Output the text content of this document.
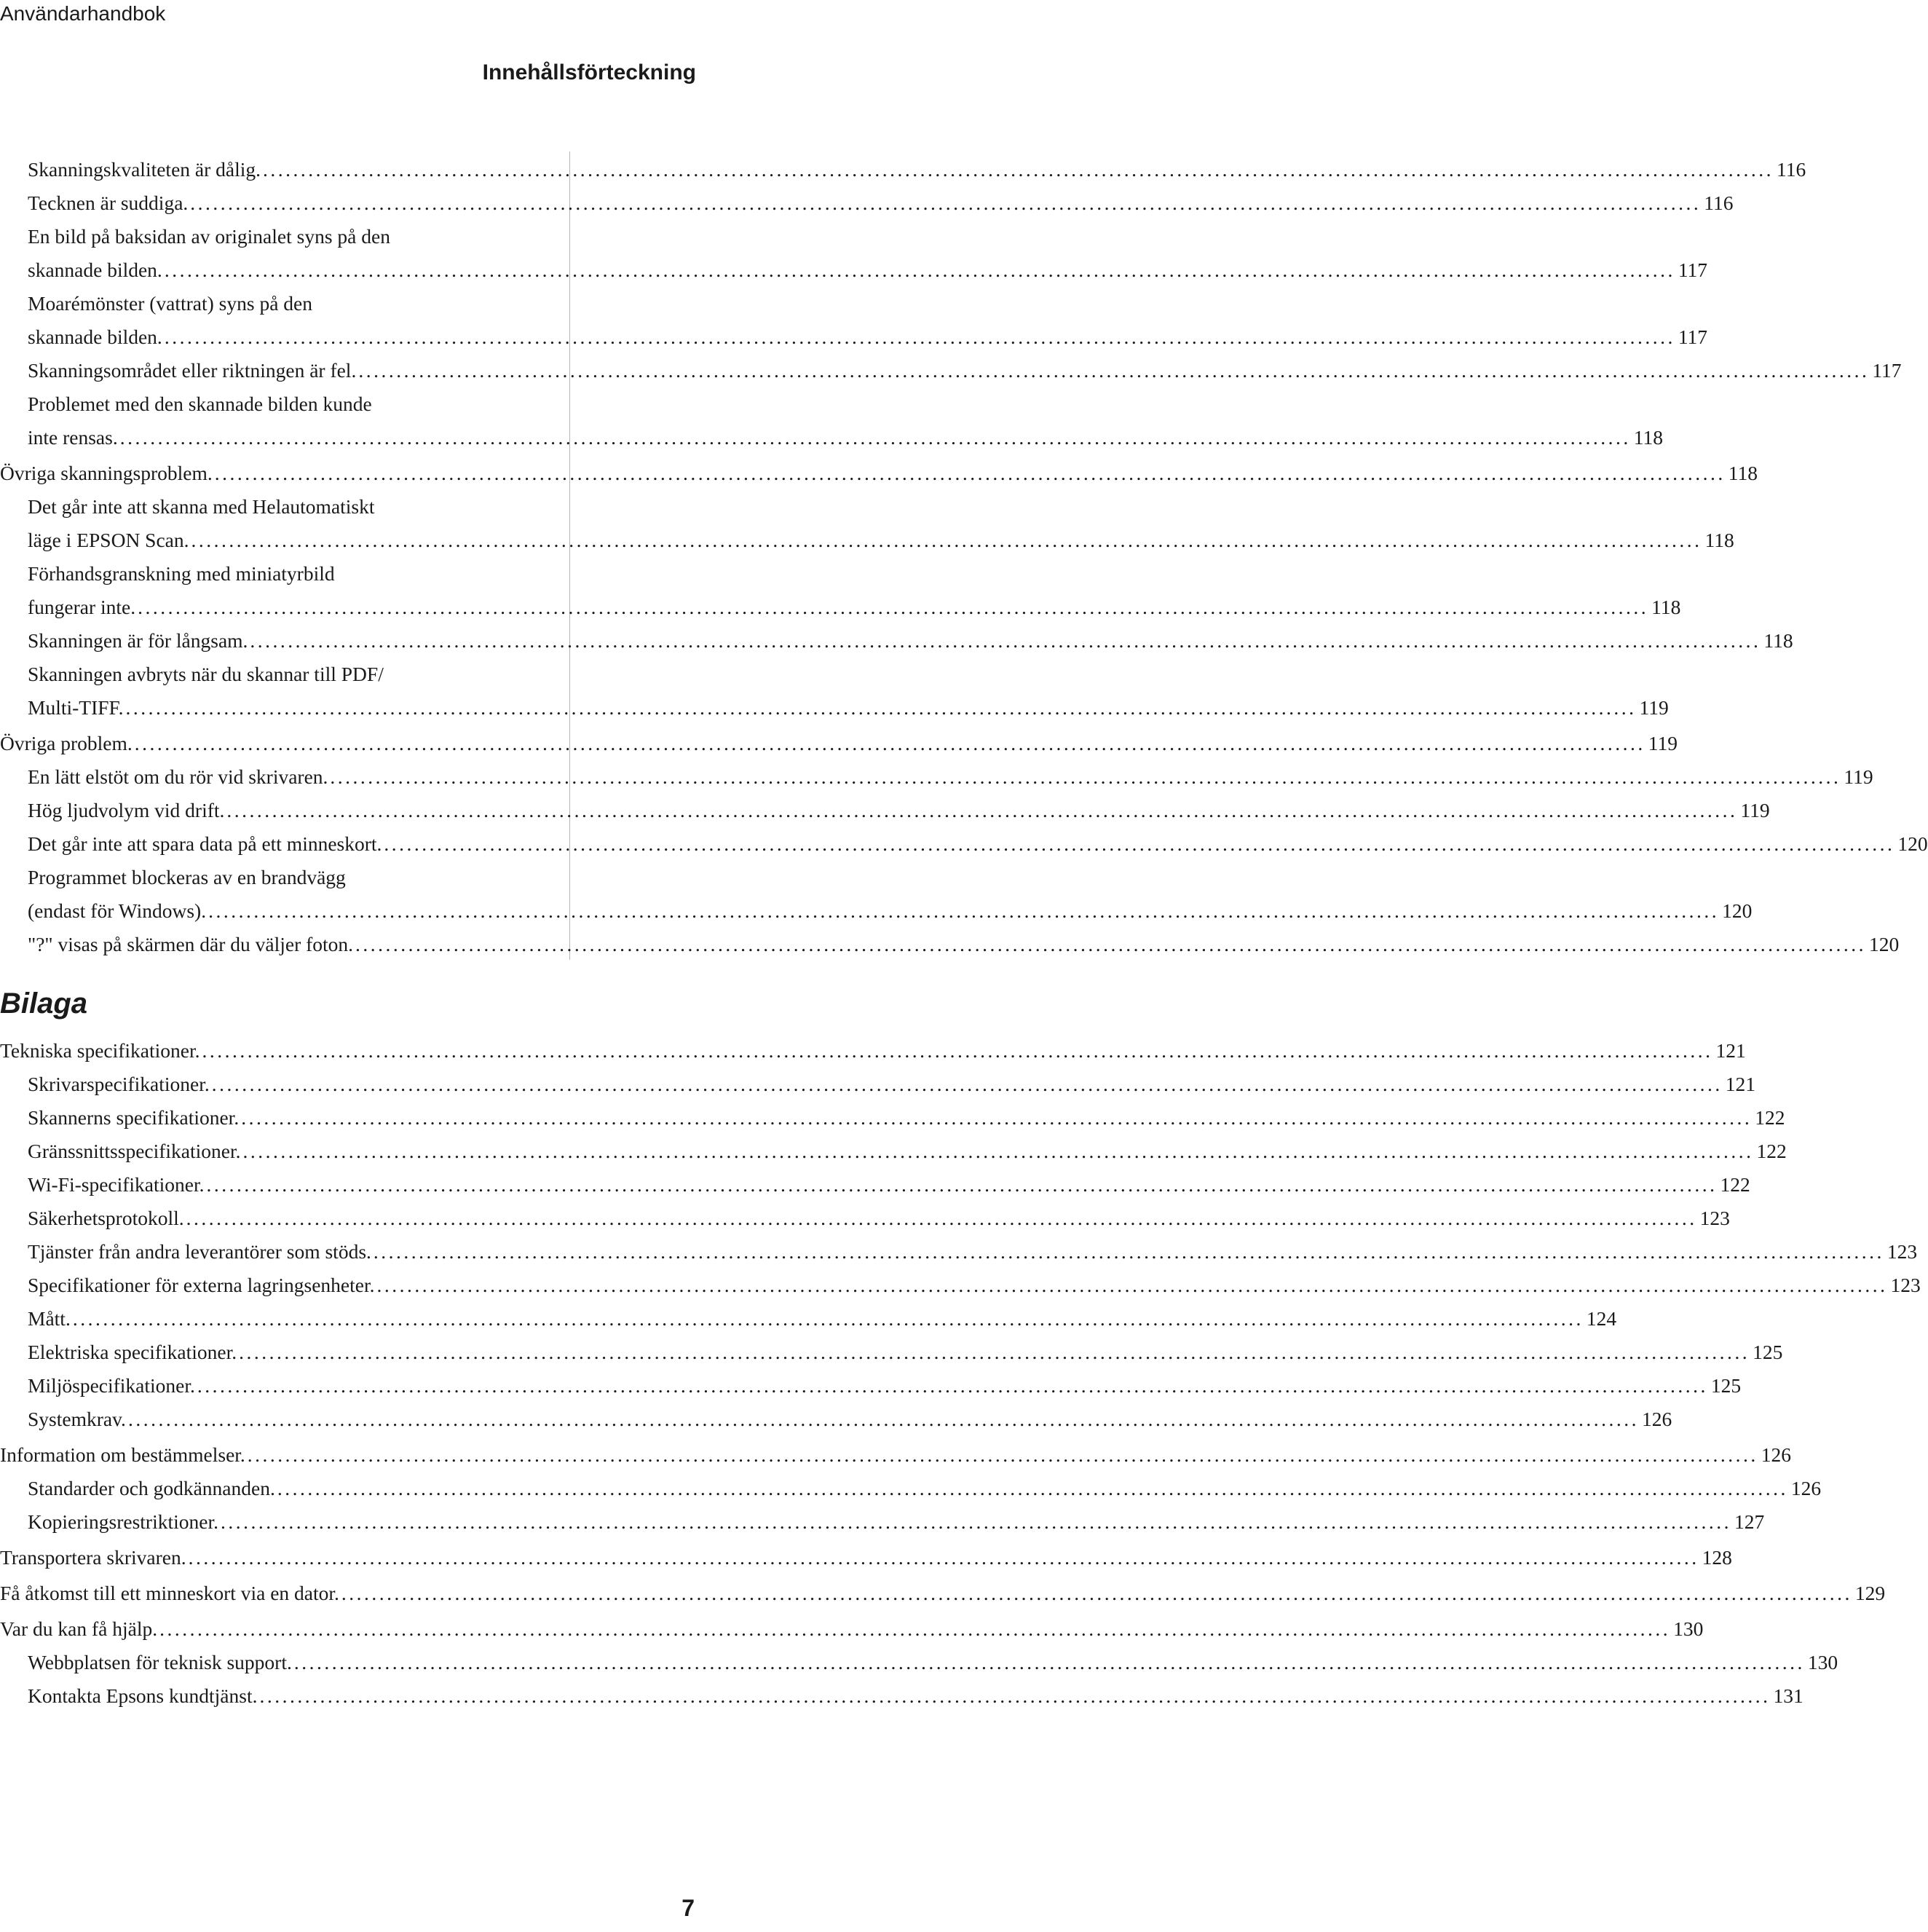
Användarhandbok
Innehållsförteckning
Skanningskvaliteten är dålig. ........................................................................................................................................................................................................ 116
Tecknen är suddiga. ........................................................................................................................................................................................................ 116
En bild på baksidan av originalet syns på den
skannade bilden. ........................................................................................................................................................................................................ 117
Moarémönster (vattrat) syns på den
skannade bilden. ........................................................................................................................................................................................................ 117
Skanningsområdet eller riktningen är fel. ........................................................................................................................................................................................................ 117
Problemet med den skannade bilden kunde
inte rensas. ........................................................................................................................................................................................................ 118
Övriga skanningsproblem. ........................................................................................................................................................................................................ 118
Det går inte att skanna med Helautomatiskt
läge i EPSON Scan. ........................................................................................................................................................................................................ 118
Förhandsgranskning med miniatyrbild
fungerar inte. ........................................................................................................................................................................................................ 118
Skanningen är för långsam. ........................................................................................................................................................................................................ 118
Skanningen avbryts när du skannar till PDF/
Multi-TIFF. ........................................................................................................................................................................................................ 119
Övriga problem. ........................................................................................................................................................................................................ 119
En lätt elstöt om du rör vid skrivaren. ........................................................................................................................................................................................................ 119
Hög ljudvolym vid drift. ........................................................................................................................................................................................................ 119
Det går inte att spara data på ett minneskort. ........................................................................................................................................................................................................ 120
Programmet blockeras av en brandvägg
(endast för Windows). ........................................................................................................................................................................................................ 120
"?" visas på skärmen där du väljer foton. ........................................................................................................................................................................................................ 120
Bilaga
Tekniska specifikationer. ........................................................................................................................................................................................................ 121
Skrivarspecifikationer. ........................................................................................................................................................................................................ 121
Skannerns specifikationer. ........................................................................................................................................................................................................ 122
Gränssnittsspecifikationer. ........................................................................................................................................................................................................ 122
Wi-Fi-specifikationer. ........................................................................................................................................................................................................ 122
Säkerhetsprotokoll. ........................................................................................................................................................................................................ 123
Tjänster från andra leverantörer som stöds. ........................................................................................................................................................................................................ 123
Specifikationer för externa lagringsenheter. ........................................................................................................................................................................................................ 123
Mått. ........................................................................................................................................................................................................ 124
Elektriska specifikationer. ........................................................................................................................................................................................................ 125
Miljöspecifikationer. ........................................................................................................................................................................................................ 125
Systemkrav. ........................................................................................................................................................................................................ 126
Information om bestämmelser. ........................................................................................................................................................................................................ 126
Standarder och godkännanden. ........................................................................................................................................................................................................ 126
Kopieringsrestriktioner. ........................................................................................................................................................................................................ 127
Transportera skrivaren. ........................................................................................................................................................................................................ 128
Få åtkomst till ett minneskort via en dator. ........................................................................................................................................................................................................ 129
Var du kan få hjälp. ........................................................................................................................................................................................................ 130
Webbplatsen för teknisk support. ........................................................................................................................................................................................................ 130
Kontakta Epsons kundtjänst. ........................................................................................................................................................................................................ 131
7
